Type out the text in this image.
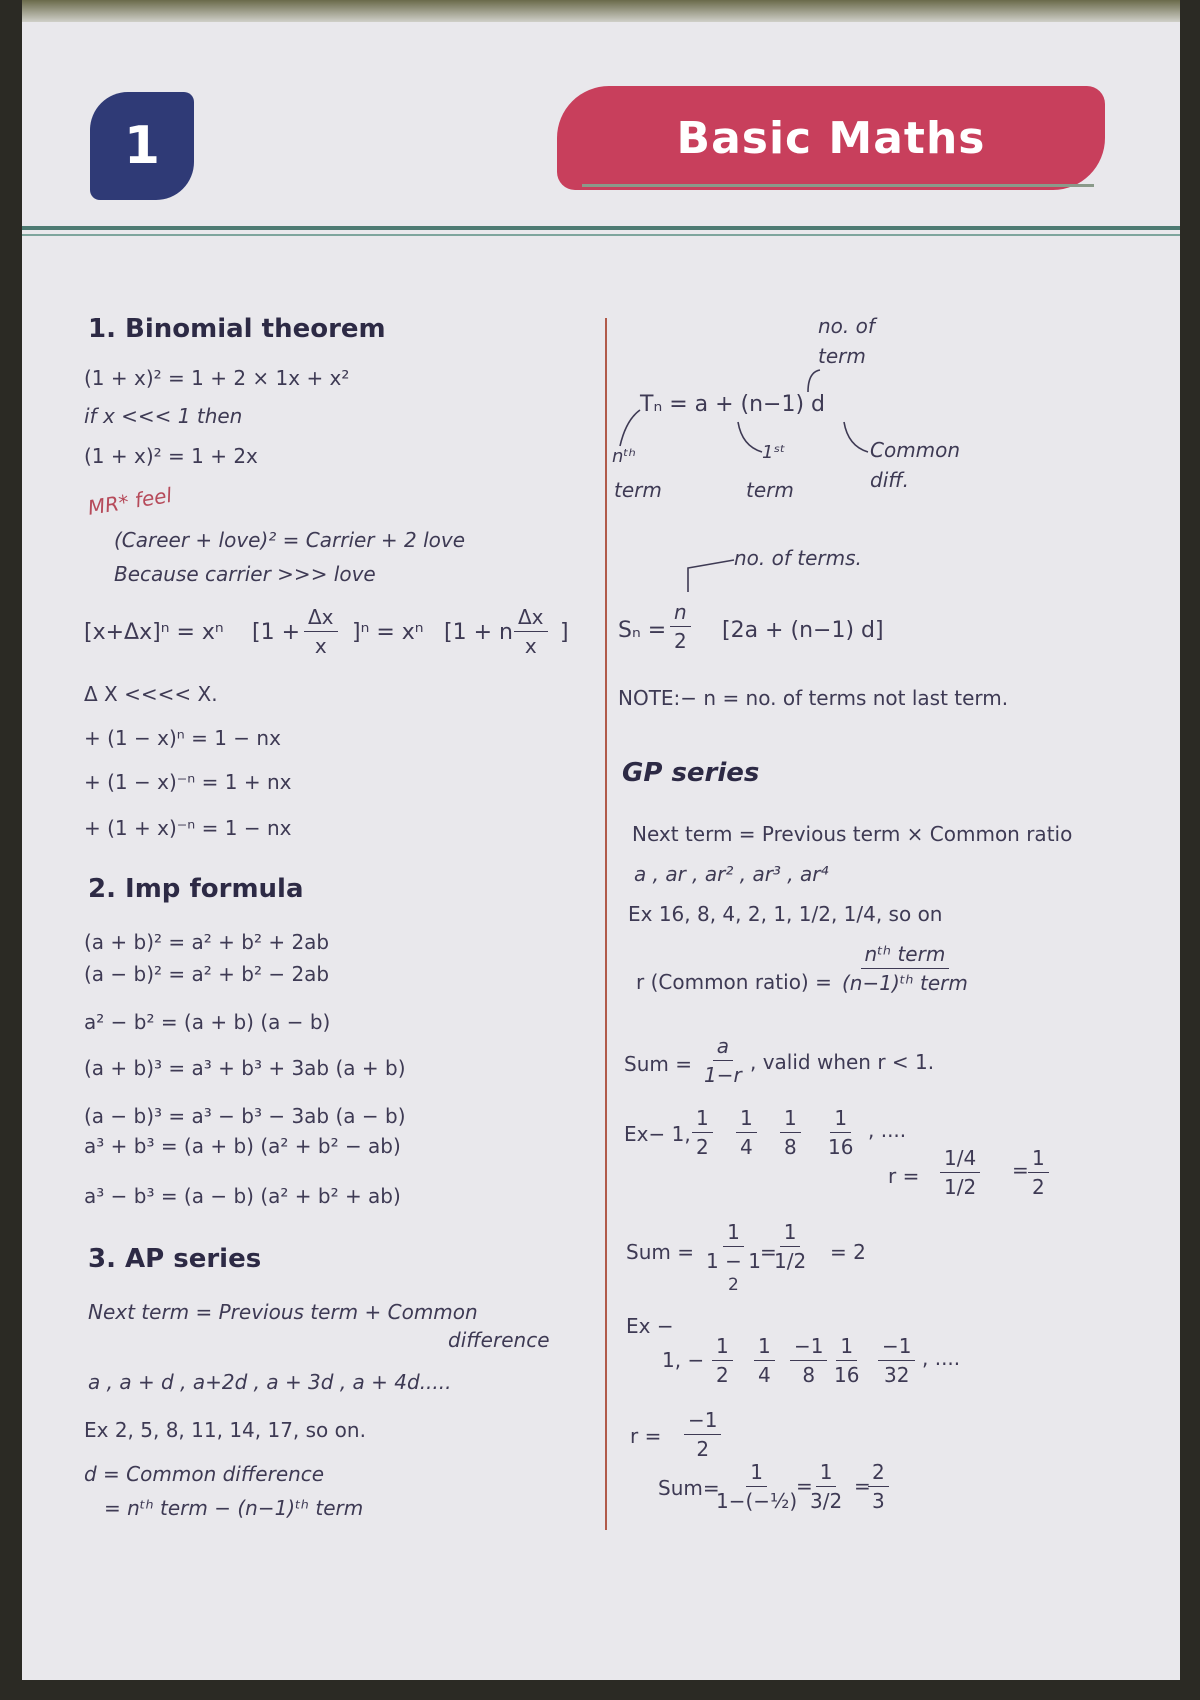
1	Basic Maths
1. Binomial theorem
(1 + x)² = 1 + 2 × 1x + x²
if x <<< 1 then
(1 + x)² = 1 + 2x
MR* feel
(Career + love)² = Carrier + 2 love
Because carrier >>> love
[x+Δx]ⁿ = xⁿ $[1 + \frac{\Delta x}{x} ]^n = x^n$ [1 + n $\frac{\Delta x}{x}$ ]
Δ X <<<< X.
+ (1 − x)ⁿ = 1 − nx
+ (1 − x)⁻ⁿ = 1 + nx
+ (1 + x)⁻ⁿ = 1 − nx
2. Imp formula
(a + b)² = a² + b² + 2ab
(a − b)² = a² + b² − 2ab
a² − b² = (a + b) (a − b)
(a + b)³ = a³ + b³ + 3ab (a + b)
(a − b)³ = a³ − b³ − 3ab (a − b)
a³ + b³ = (a + b) (a² + b² − ab)
a³ − b³ = (a − b) (a² + b² + ab)
3. AP series
Next term = Previous term + Common
difference
a , a + d , a+2d , a + 3d , a + 4d.....
Ex 2, 5, 8, 11, 14, 17, so on.
d = Common difference
= nᵗʰ term − (n−1)ᵗʰ term
no. of
term
Tₙ = a + (n−1) d
nᵗʰ
term
1ˢᵗ
term
Common
diff.
no. of terms.
$S_n = \frac{n}{2} [2a + (n-1)$ d]
NOTE:− n = no. of terms not last term.
GP series
Next term = Previous term × Common ratio
a , ar , ar² , ar³ , ar⁴
Ex 16, 8, 4, 2, 1, 1/2, 1/4, so on
r (Common ratio) =
nᵗʰ term
(n−1)ᵗʰ term
Sum = $\frac{a}{1-r}$ , valid when r < 1.
Ex− 1, $\frac{1}{2} \frac{1}{4} \frac{1}{8} \frac{1}{16}$ , ....
$r = \frac{1/4}{1/2} = \frac{1}{2}$
Sum =
1
1 − 1
2
=
$\frac{1}{1/2} = 2$
Ex −
1, − $\frac{1}{2} \frac{1}{4} \frac{-1}{8} \frac{1}{16} \frac{-1}{32}$ , ....
$r = \frac{-1}{2}$
Sum=
$\frac{1}{\text{1−(−½)}}$
=
$\frac{1}{3/2}$ =
$\frac{2}{3}$
